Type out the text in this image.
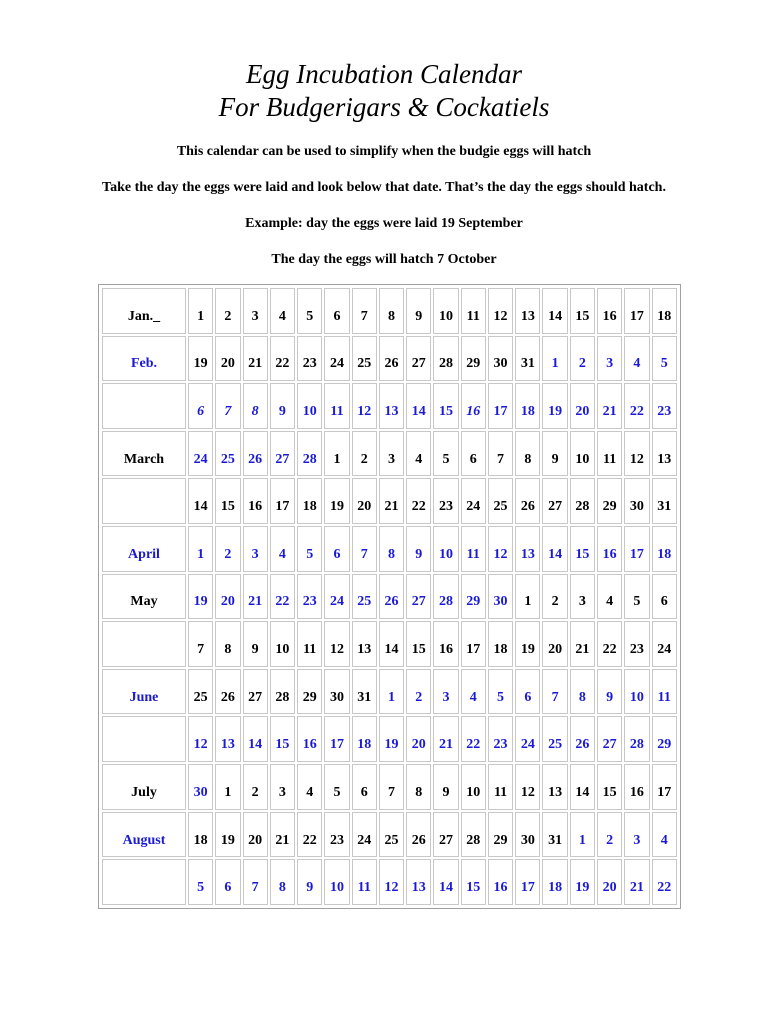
Egg Incubation Calendar
For Budgerigars & Cockatiels
This calendar can be used to simplify when the budgie eggs will hatch
Take the day the eggs were laid and look below that date. That’s the day the eggs should hatch.
Example: day the eggs were laid 19 September
The day the eggs will hatch 7 October
Jan._	1	2	3	4	5	6	7	8	9	10	11	12	13	14	15	16	17	18
Feb.	19	20	21	22	23	24	25	26	27	28	29	30	31	1	2	3	4	5
	6	7	8	9	10	11	12	13	14	15	16	17	18	19	20	21	22	23
March	24	25	26	27	28	1	2	3	4	5	6	7	8	9	10	11	12	13
	14	15	16	17	18	19	20	21	22	23	24	25	26	27	28	29	30	31
April	1	2	3	4	5	6	7	8	9	10	11	12	13	14	15	16	17	18
May	19	20	21	22	23	24	25	26	27	28	29	30	1	2	3	4	5	6
	7	8	9	10	11	12	13	14	15	16	17	18	19	20	21	22	23	24
June	25	26	27	28	29	30	31	1	2	3	4	5	6	7	8	9	10	11
	12	13	14	15	16	17	18	19	20	21	22	23	24	25	26	27	28	29
July	30	1	2	3	4	5	6	7	8	9	10	11	12	13	14	15	16	17
August	18	19	20	21	22	23	24	25	26	27	28	29	30	31	1	2	3	4
	5	6	7	8	9	10	11	12	13	14	15	16	17	18	19	20	21	22
